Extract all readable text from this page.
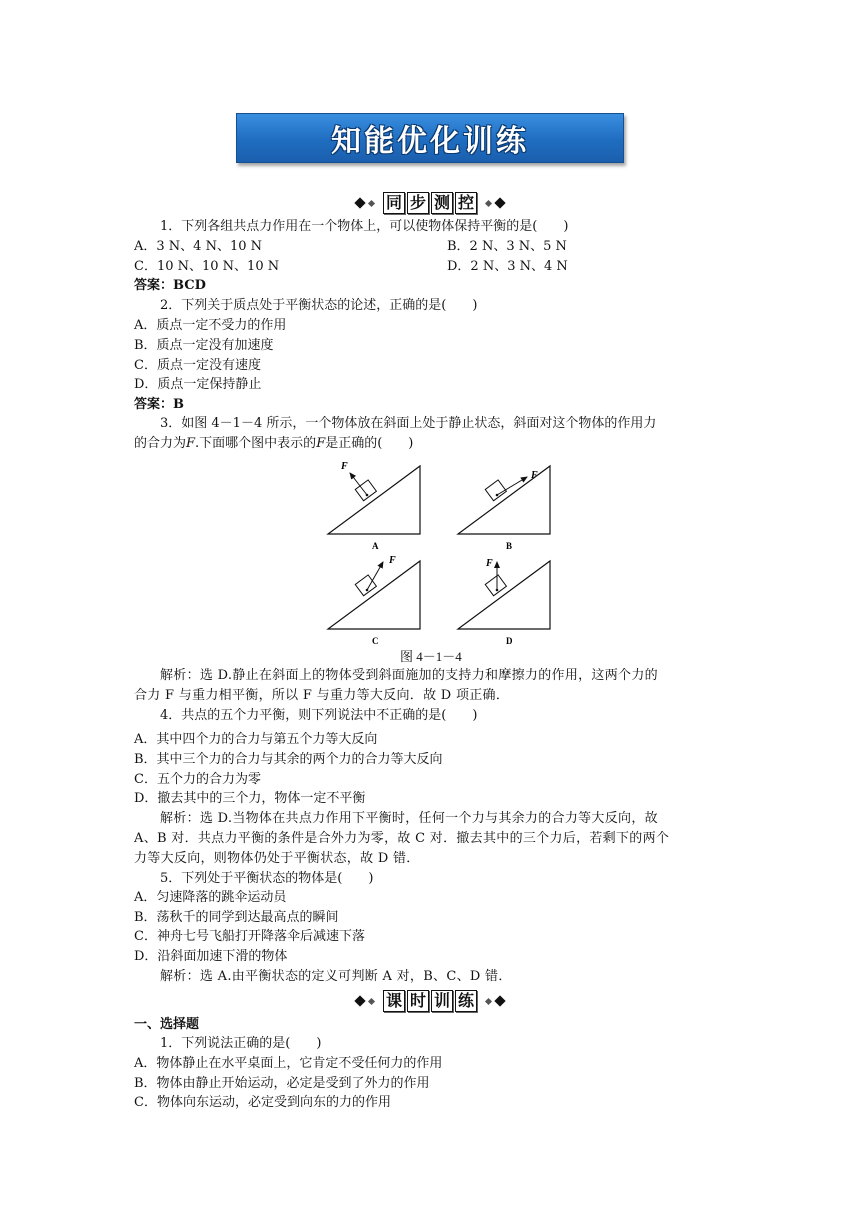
知能优化训练
同 步 测 控
1．下列各组共点力作用在一个物体上，可以使物体保持平衡的是(　　)
A．3 N、4 N、10 N	B．2 N、3 N、5 N
C．10 N、10 N、10 N	D．2 N、3 N、4 N
答案：BCD
2．下列关于质点处于平衡状态的论述，正确的是(　　)
A．质点一定不受力的作用
B．质点一定没有加速度
C．质点一定没有速度
D．质点一定保持静止
答案：B
3．如图 4－1－4 所示，一个物体放在斜面上处于静止状态，斜面对这个物体的作用力
的合力为F.下面哪个图中表示的F是正确的(　　)
F
A
F
B
F
C
F
D
图 4－1－4
解析：选 D.静止在斜面上的物体受到斜面施加的支持力和摩擦力的作用，这两个力的
合力 F 与重力相平衡，所以 F 与重力等大反向．故 D 项正确．
4．共点的五个力平衡，则下列说法中不正确的是(　　)
A．其中四个力的合力与第五个力等大反向
B．其中三个力的合力与其余的两个力的合力等大反向
C．五个力的合力为零
D．撤去其中的三个力，物体一定不平衡
解析：选 D.当物体在共点力作用下平衡时，任何一个力与其余力的合力等大反向，故
A、B 对．共点力平衡的条件是合外力为零，故 C 对．撤去其中的三个力后，若剩下的两个
力等大反向，则物体仍处于平衡状态，故 D 错．
5．下列处于平衡状态的物体是(　　)
A．匀速降落的跳伞运动员
B．荡秋千的同学到达最高点的瞬间
C．神舟七号飞船打开降落伞后减速下落
D．沿斜面加速下滑的物体
解析：选 A.由平衡状态的定义可判断 A 对，B、C、D 错．
课 时 训 练
一、选择题
1．下列说法正确的是(　　)
A．物体静止在水平桌面上，它肯定不受任何力的作用
B．物体由静止开始运动，必定是受到了外力的作用
C．物体向东运动，必定受到向东的力的作用
